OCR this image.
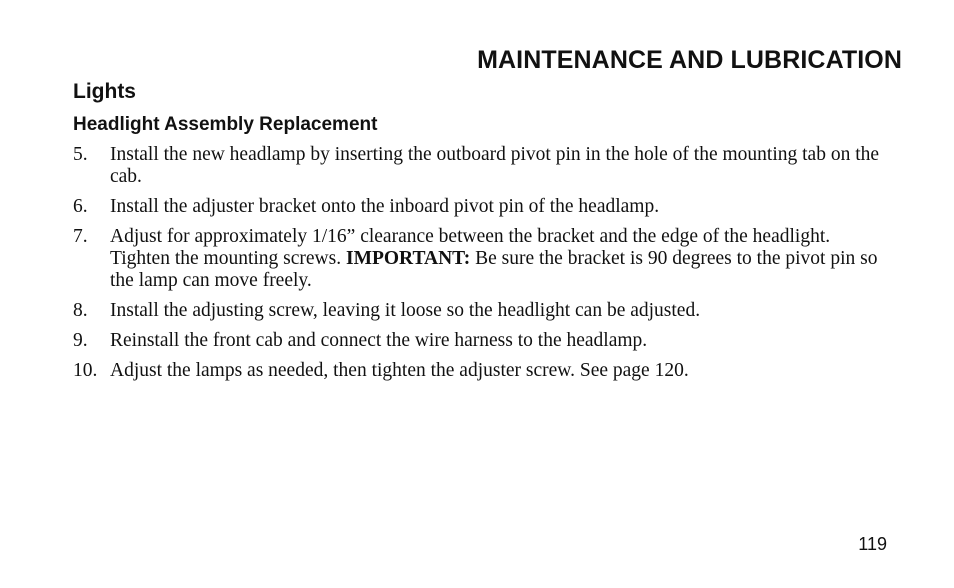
MAINTENANCE AND LUBRICATION
Lights
Headlight Assembly Replacement
5.	Install the new headlamp by inserting the outboard pivot pin in the hole of the mounting tab on the cab.
6.	Install the adjuster bracket onto the inboard pivot pin of the headlamp.
7.	Adjust for approximately 1/16” clearance between the bracket and the edge of the headlight. Tighten the mounting screws. IMPORTANT: Be sure the bracket is 90 degrees to the pivot pin so the lamp can move freely.
8.	Install the adjusting screw, leaving it loose so the headlight can be adjusted.
9.	Reinstall the front cab and connect the wire harness to the headlamp.
10. Adjust the lamps as needed, then tighten the adjuster screw. See page 120.
119
